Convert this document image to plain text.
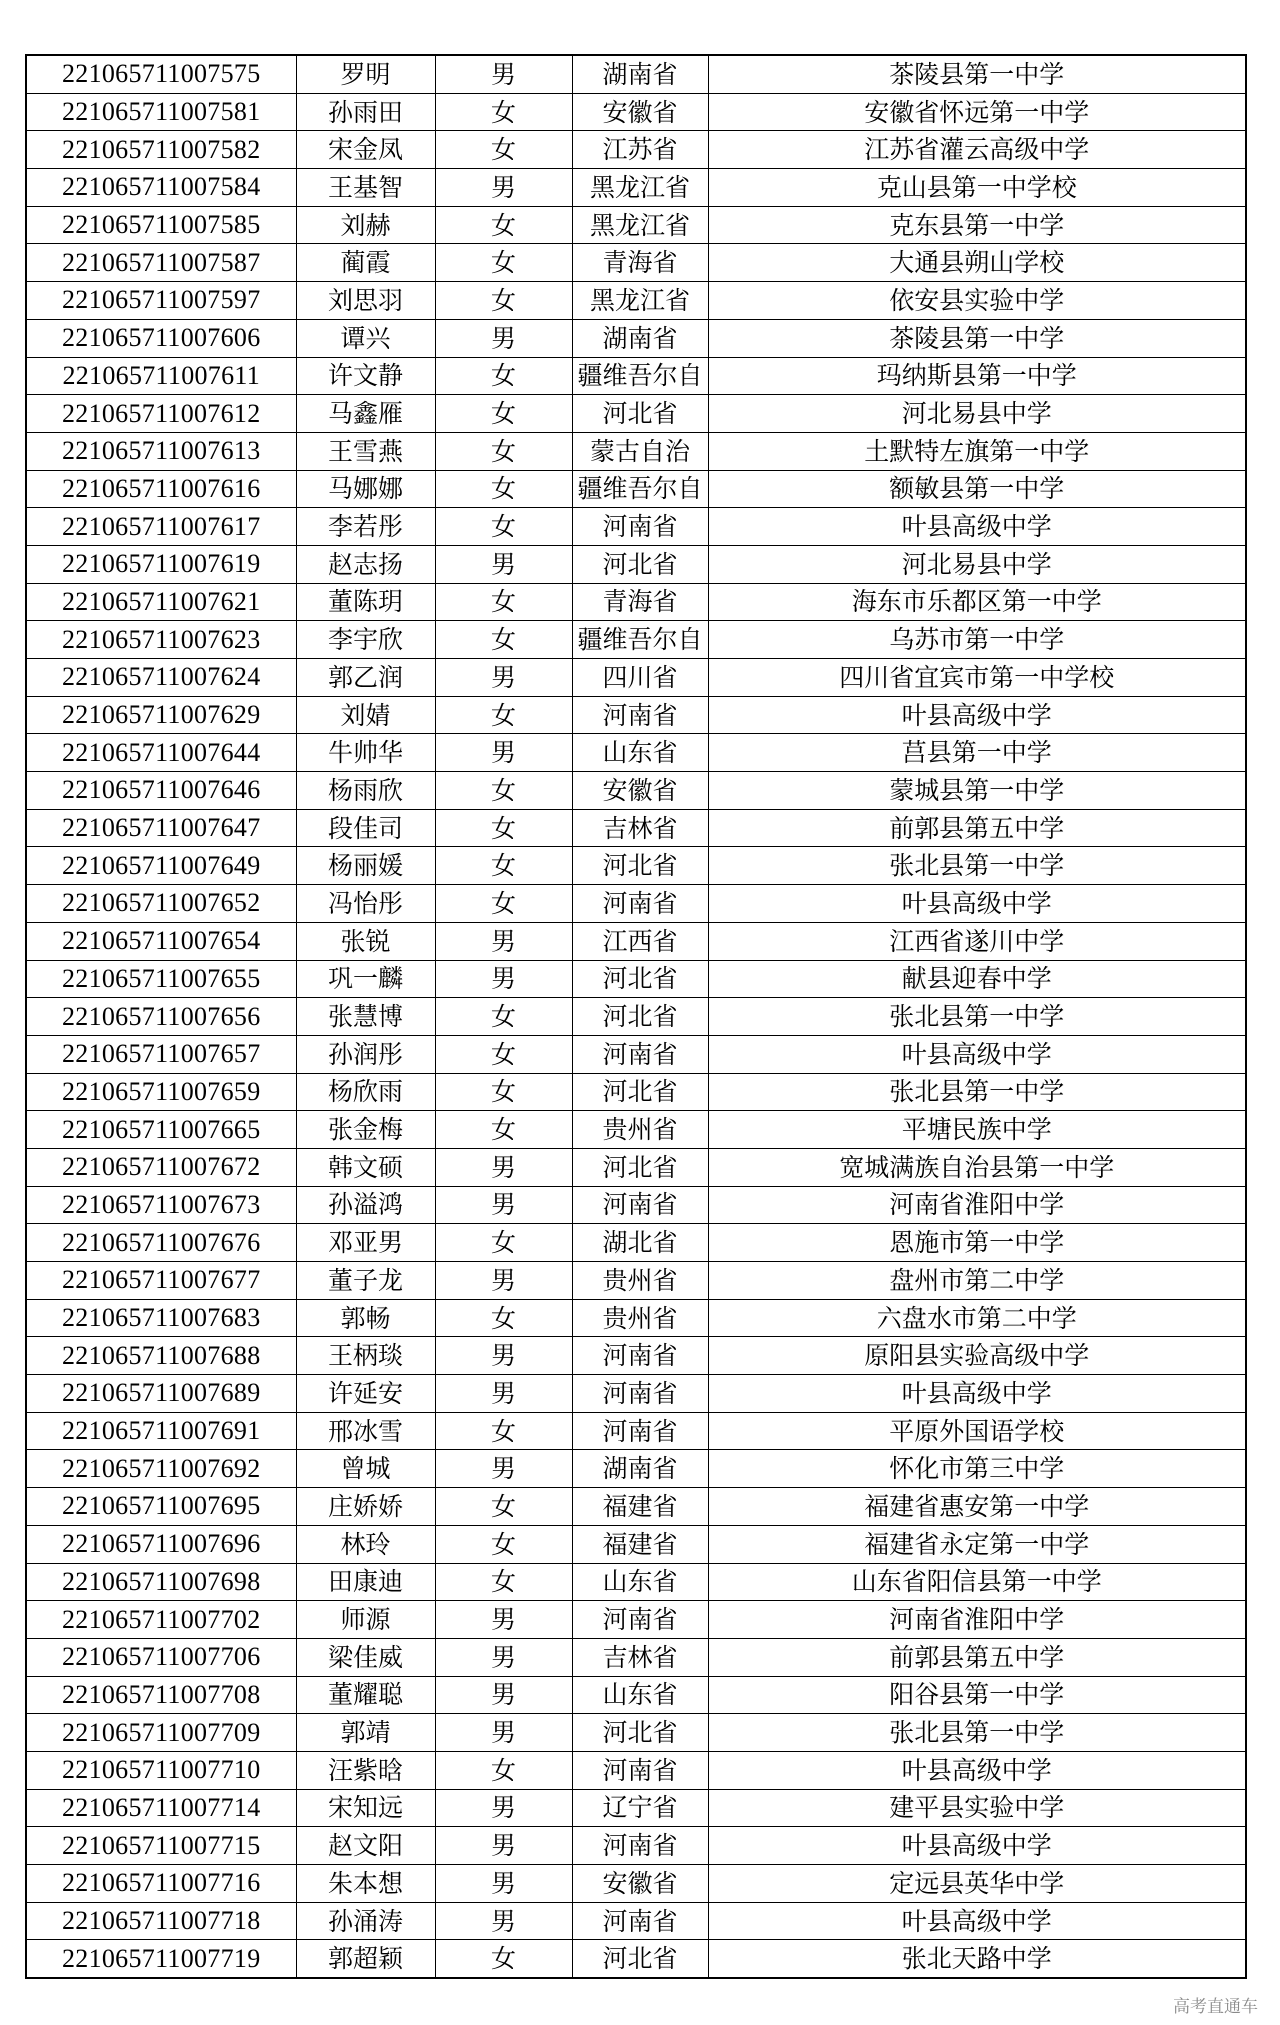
221065711007575	罗明	男	湖南省	茶陵县第一中学
221065711007581	孙雨田	女	安徽省	安徽省怀远第一中学
221065711007582	宋金凤	女	江苏省	江苏省灌云高级中学
221065711007584	王基智	男	黑龙江省	克山县第一中学校
221065711007585	刘赫	女	黑龙江省	克东县第一中学
221065711007587	蔺霞	女	青海省	大通县朔山学校
221065711007597	刘思羽	女	黑龙江省	依安县实验中学
221065711007606	谭兴	男	湖南省	茶陵县第一中学
221065711007611	许文静	女	疆维吾尔自	玛纳斯县第一中学
221065711007612	马鑫雁	女	河北省	河北易县中学
221065711007613	王雪燕	女	蒙古自治	土默特左旗第一中学
221065711007616	马娜娜	女	疆维吾尔自	额敏县第一中学
221065711007617	李若彤	女	河南省	叶县高级中学
221065711007619	赵志扬	男	河北省	河北易县中学
221065711007621	董陈玥	女	青海省	海东市乐都区第一中学
221065711007623	李宇欣	女	疆维吾尔自	乌苏市第一中学
221065711007624	郭乙润	男	四川省	四川省宜宾市第一中学校
221065711007629	刘婧	女	河南省	叶县高级中学
221065711007644	牛帅华	男	山东省	莒县第一中学
221065711007646	杨雨欣	女	安徽省	蒙城县第一中学
221065711007647	段佳司	女	吉林省	前郭县第五中学
221065711007649	杨丽媛	女	河北省	张北县第一中学
221065711007652	冯怡彤	女	河南省	叶县高级中学
221065711007654	张锐	男	江西省	江西省遂川中学
221065711007655	巩一麟	男	河北省	献县迎春中学
221065711007656	张慧博	女	河北省	张北县第一中学
221065711007657	孙润彤	女	河南省	叶县高级中学
221065711007659	杨欣雨	女	河北省	张北县第一中学
221065711007665	张金梅	女	贵州省	平塘民族中学
221065711007672	韩文硕	男	河北省	宽城满族自治县第一中学
221065711007673	孙溢鸿	男	河南省	河南省淮阳中学
221065711007676	邓亚男	女	湖北省	恩施市第一中学
221065711007677	董子龙	男	贵州省	盘州市第二中学
221065711007683	郭畅	女	贵州省	六盘水市第二中学
221065711007688	王柄琰	男	河南省	原阳县实验高级中学
221065711007689	许延安	男	河南省	叶县高级中学
221065711007691	邢冰雪	女	河南省	平原外国语学校
221065711007692	曾城	男	湖南省	怀化市第三中学
221065711007695	庄娇娇	女	福建省	福建省惠安第一中学
221065711007696	林玲	女	福建省	福建省永定第一中学
221065711007698	田康迪	女	山东省	山东省阳信县第一中学
221065711007702	师源	男	河南省	河南省淮阳中学
221065711007706	梁佳威	男	吉林省	前郭县第五中学
221065711007708	董耀聪	男	山东省	阳谷县第一中学
221065711007709	郭靖	男	河北省	张北县第一中学
221065711007710	汪紫晗	女	河南省	叶县高级中学
221065711007714	宋知远	男	辽宁省	建平县实验中学
221065711007715	赵文阳	男	河南省	叶县高级中学
221065711007716	朱本想	男	安徽省	定远县英华中学
221065711007718	孙涌涛	男	河南省	叶县高级中学
221065711007719	郭超颖	女	河北省	张北天路中学
高考直通车
